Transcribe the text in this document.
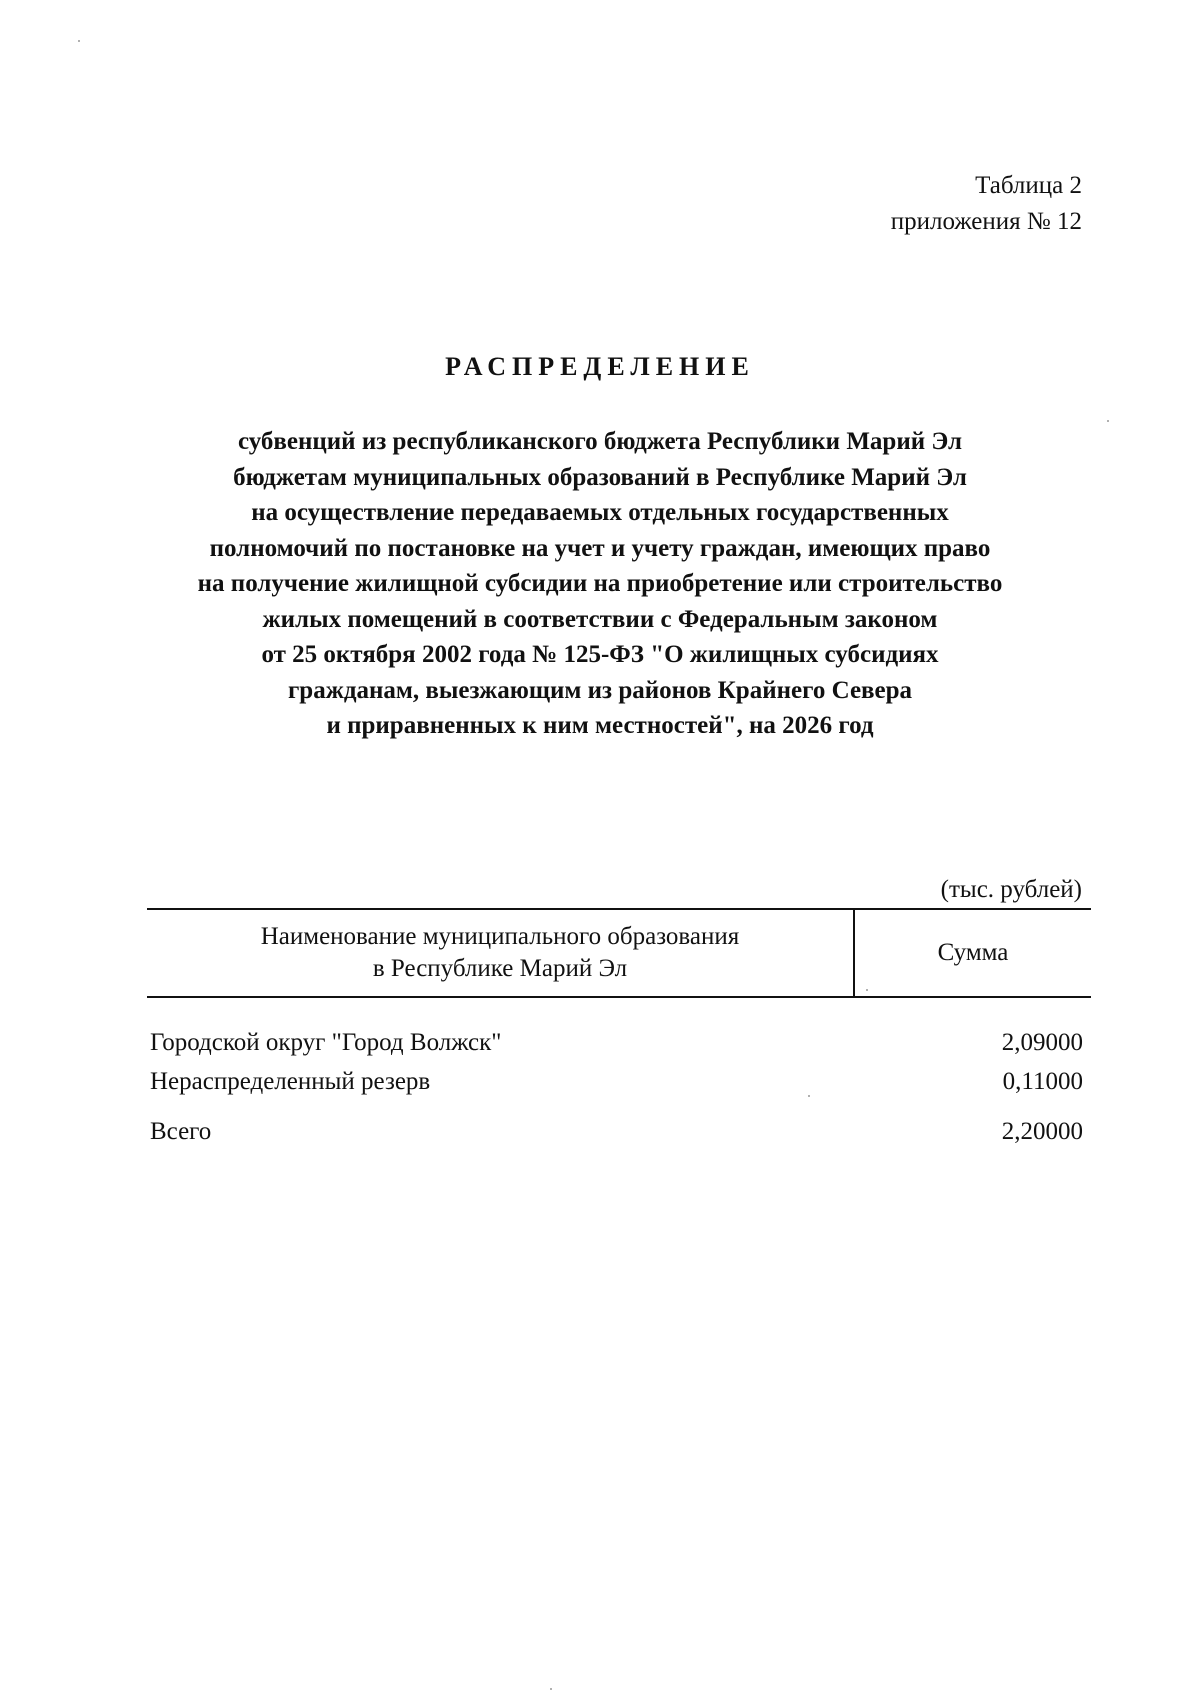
Таблица 2
приложения № 12
РАСПРЕДЕЛЕНИЕ
субвенций из республиканского бюджета Республики Марий Эл
бюджетам муниципальных образований в Республике Марий Эл
на осуществление передаваемых отдельных государственных
полномочий по постановке на учет и учету граждан, имеющих право
на получение жилищной субсидии на приобретение или строительство
жилых помещений в соответствии с Федеральным законом
от 25 октября 2002 года № 125-ФЗ "О жилищных субсидиях
гражданам, выезжающим из районов Крайнего Севера
и приравненных к ним местностей", на 2026 год
(тыс. рублей)
Наименование муниципального образования
в Республике Марий Эл
Сумма
Городской округ "Город Волжск"	2,09000
Нераспределенный резерв	0,11000
Всего	2,20000
